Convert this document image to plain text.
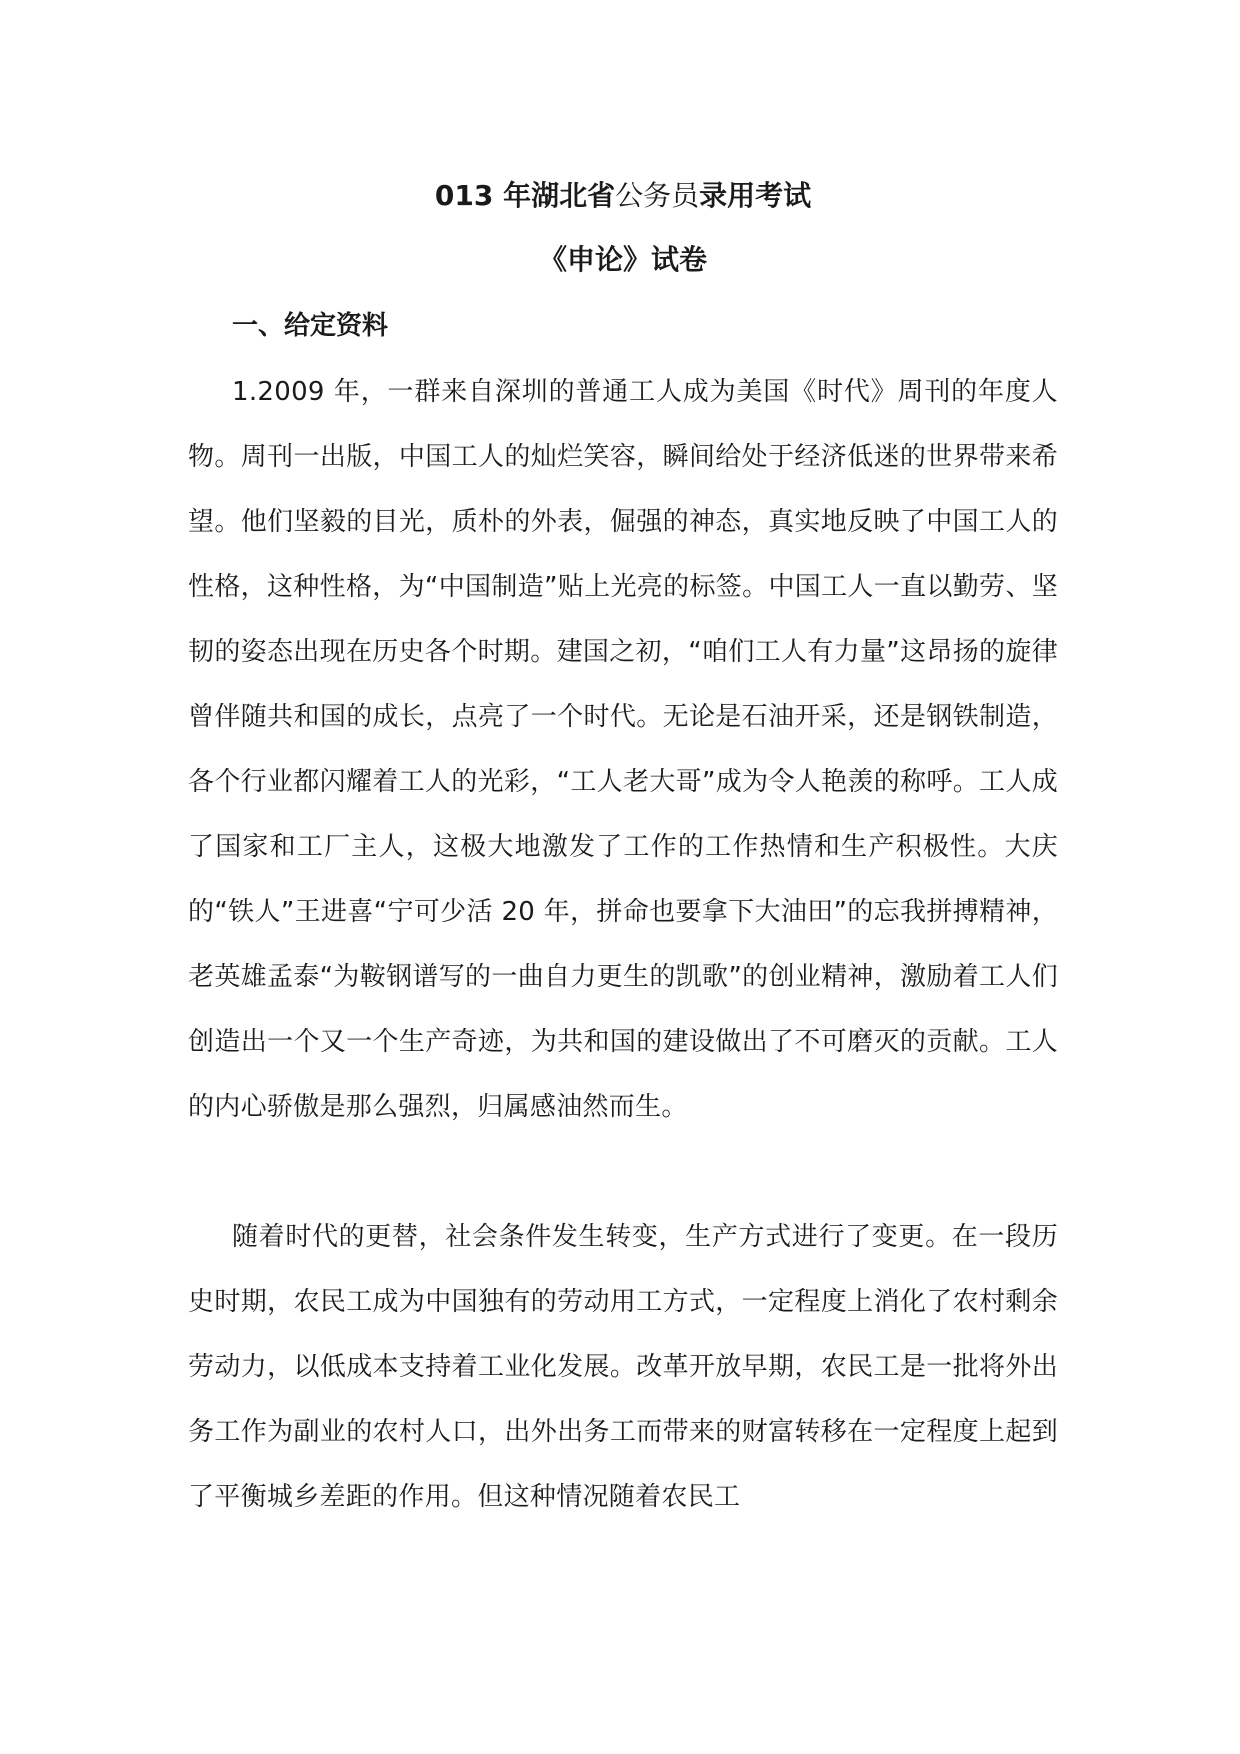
013 年湖北省公务员录用考试
《申论》试卷
一、给定资料

1.2009 年，一群来自深圳的普通工人成为美国《时代》周刊的年度人物。周刊一出版，中国工人的灿烂笑容，瞬间给处于经济低迷的世界带来希望。他们坚毅的目光，质朴的外表，倔强的神态，真实地反映了中国工人的性格，这种性格，为“中国制造”贴上光亮的标签。中国工人一直以勤劳、坚韧的姿态出现在历史各个时期。建国之初，“咱们工人有力量”这昂扬的旋律曾伴随共和国的成长，点亮了一个时代。无论是石油开采，还是钢铁制造，各个行业都闪耀着工人的光彩，“工人老大哥”成为令人艳羡的称呼。工人成了国家和工厂主人，这极大地激发了工作的工作热情和生产积极性。大庆的“铁人”王进喜“宁可少活 20 年，拼命也要拿下大油田”的忘我拼搏精神，老英雄孟泰“为鞍钢谱写的一曲自力更生的凯歌”的创业精神，激励着工人们创造出一个又一个生产奇迹，为共和国的建设做出了不可磨灭的贡献。工人的内心骄傲是那么强烈，归属感油然而生。

随着时代的更替，社会条件发生转变，生产方式进行了变更。在一段历史时期，农民工成为中国独有的劳动用工方式，一定程度上消化了农村剩余劳动力，以低成本支持着工业化发展。改革开放早期，农民工是一批将外出务工作为副业的农村人口，出外出务工而带来的财富转移在一定程度上起到了平衡城乡差距的作用。但这种情况随着农民工
